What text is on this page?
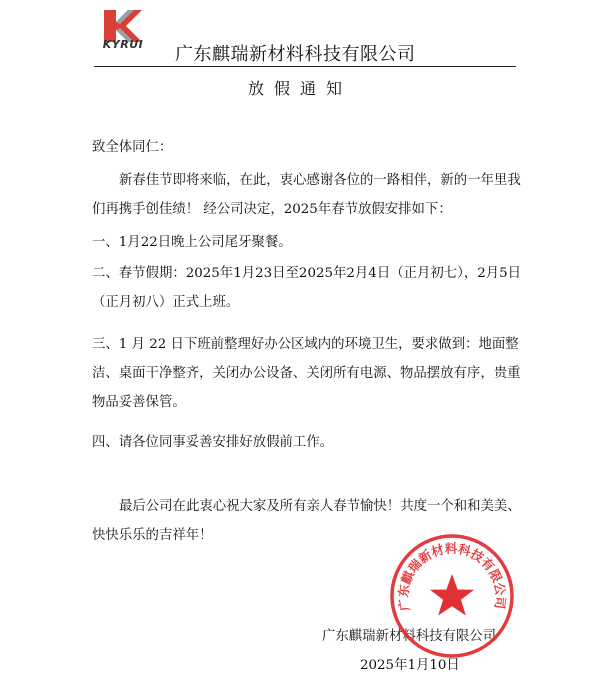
KYRUI	广东麒瑞新材料科技有限公司
放假通知
致全体同仁：
新春佳节即将来临，在此，衷心感谢各位的一路相伴，新的一年里我们再携手创佳绩！ 经公司决定，2025年春节放假安排如下：
一、1月22日晚上公司尾牙聚餐。
二、春节假期：2025年1月23日至2025年2月4日（正月初七），2月5日（正月初八）正式上班。
三、1 月 22 日下班前整理好办公区域内的环境卫生，要求做到：地面整洁、桌面干净整齐，关闭办公设备、关闭所有电源、物品摆放有序，贵重物品妥善保管。
四、请各位同事妥善安排好放假前工作。
最后公司在此衷心祝大家及所有亲人春节愉快！共度一个和和美美、快快乐乐的吉祥年！
广东麒瑞新材料科技有限公司
2025年1月10日
广东麒瑞新材料科技有限公司
